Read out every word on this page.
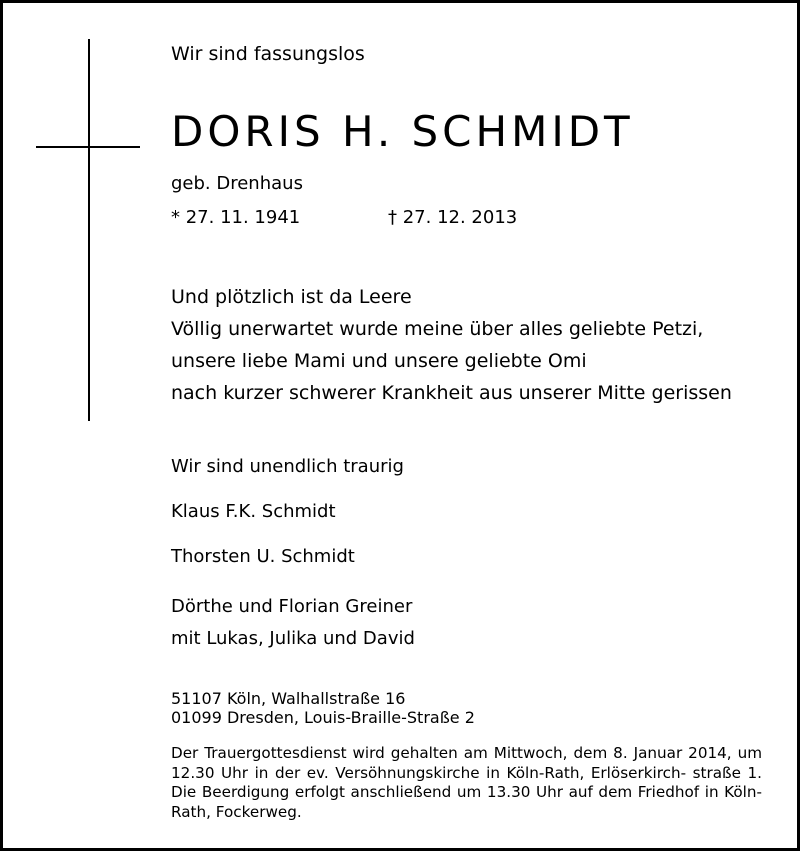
Wir sind fassungslos
DORIS H. SCHMIDT
geb. Drenhaus
* 27. 11. 1941	† 27. 12. 2013
Und plötzlich ist da Leere
Völlig unerwartet wurde meine über alles geliebte Petzi,
unsere liebe Mami und unsere geliebte Omi
nach kurzer schwerer Krankheit aus unserer Mitte gerissen
Wir sind unendlich traurig
Klaus F.K. Schmidt
Thorsten U. Schmidt
Dörthe und Florian Greiner
mit Lukas, Julika und David
51107 Köln, Walhallstraße 16
01099 Dresden, Louis-Braille-Straße 2
Der Trauergottesdienst wird gehalten am Mittwoch, dem 8. Januar 2014, um 12.30 Uhr in der ev. Versöhnungskirche in Köln-Rath, Erlöserkirch- straße 1. Die Beerdigung erfolgt anschließend um 13.30 Uhr auf dem Friedhof in Köln-Rath, Fockerweg.
